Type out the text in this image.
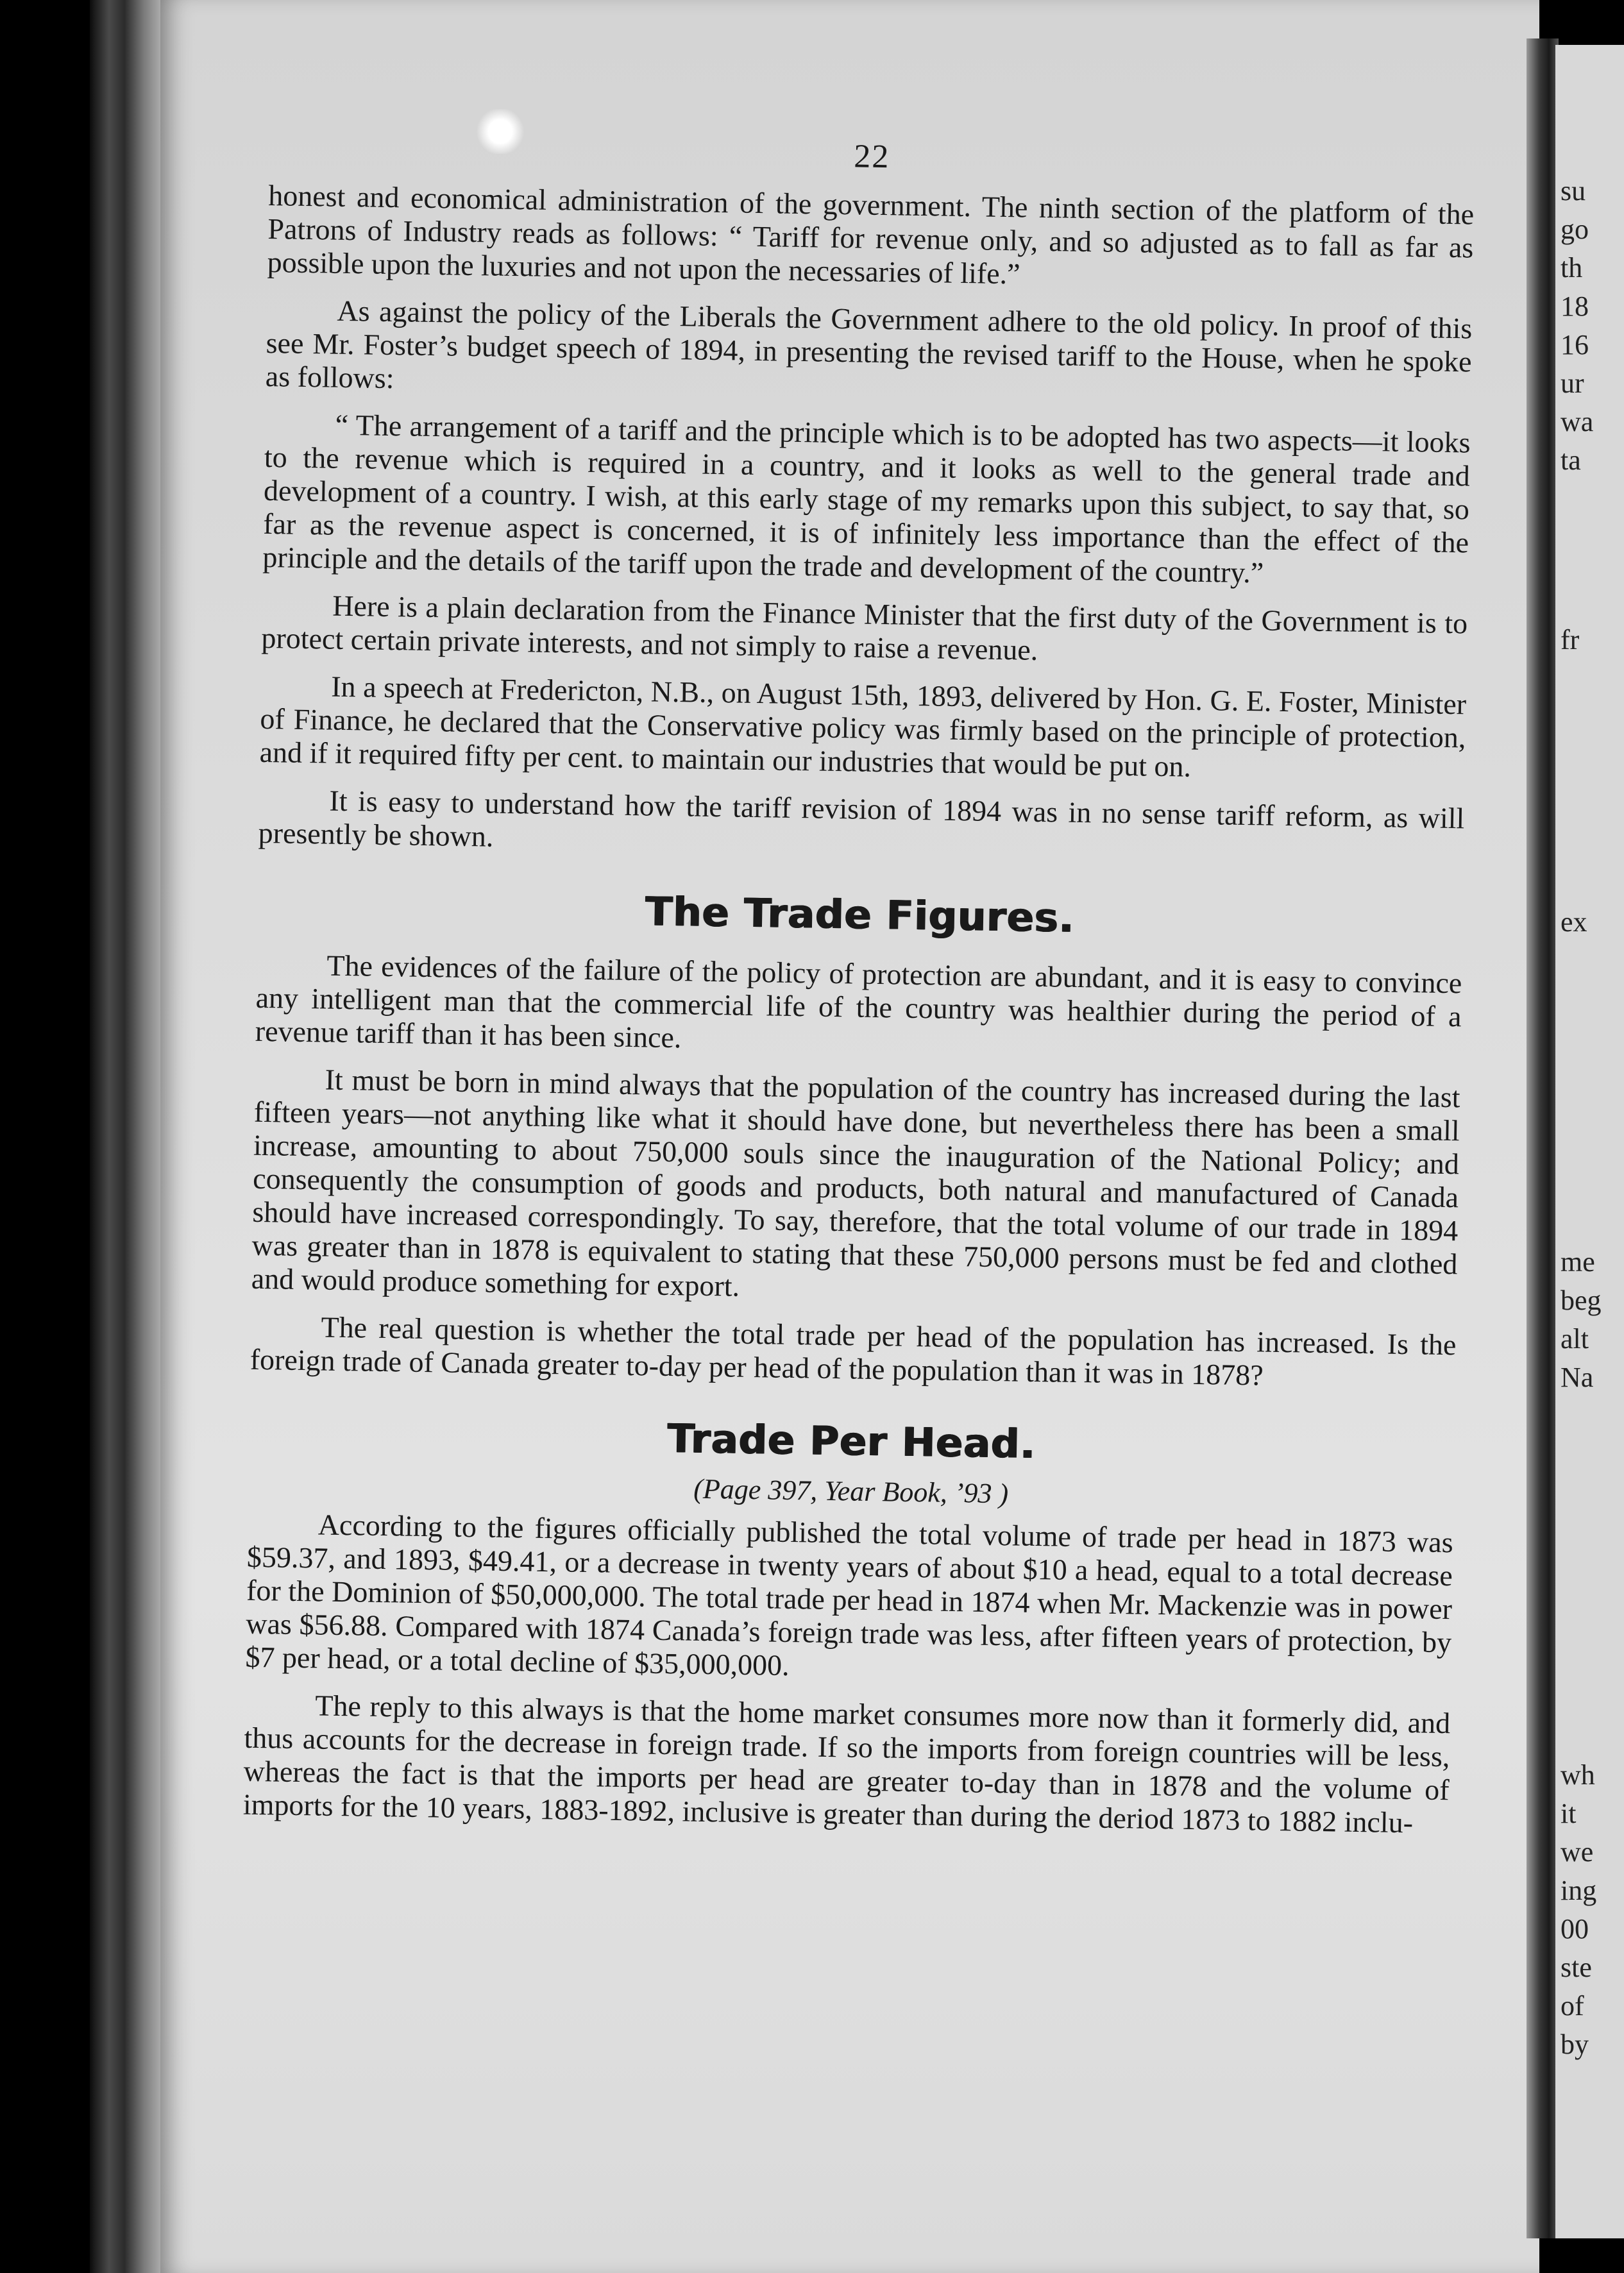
su
go
th
18
16
ur
wa
ta
fr
ex
me
beg
alt
Na
wh
it
we
ing
00
ste
of
by
22

honest and economical administration of the government. The ninth section of the platform of the Patrons of Industry reads as follows: “ Tariff for revenue only, and so adjusted as to fall as far as possible upon the luxuries and not upon the necessaries of life.”

As against the policy of the Liberals the Government adhere to the old policy. In proof of this see Mr. Foster’s budget speech of 1894, in presenting the revised tariff to the House, when he spoke as follows:

“ The arrangement of a tariff and the principle which is to be adopted has two aspects—it looks to the revenue which is required in a country, and it looks as well to the general trade and development of a country. I wish, at this early stage of my remarks upon this subject, to say that, so far as the revenue aspect is concerned, it is of infinitely less importance than the effect of the principle and the details of the tariff upon the trade and development of the country.”

Here is a plain declaration from the Finance Minister that the first duty of the Government is to protect certain private interests, and not simply to raise a revenue.

In a speech at Fredericton, N.B., on August 15th, 1893, delivered by Hon. G. E. Foster, Minister of Finance, he declared that the Conservative policy was firmly based on the principle of protection, and if it required fifty per cent. to maintain our industries that would be put on.

It is easy to understand how the tariff revision of 1894 was in no sense tariff reform, as will presently be shown.

The Trade Figures.

The evidences of the failure of the policy of protection are abundant, and it is easy to convince any intelligent man that the commercial life of the country was healthier during the period of a revenue tariff than it has been since.

It must be born in mind always that the population of the country has increased during the last fifteen years—not anything like what it should have done, but nevertheless there has been a small increase, amounting to about 750,000 souls since the inauguration of the National Policy; and consequently the consumption of goods and products, both natural and manufactured of Canada should have increased correspondingly. To say, therefore, that the total volume of our trade in 1894 was greater than in 1878 is equivalent to stating that these 750,000 persons must be fed and clothed and would produce something for export.

The real question is whether the total trade per head of the population has increased. Is the foreign trade of Canada greater to-day per head of the population than it was in 1878?

Trade Per Head.
(Page 397, Year Book, ’93 )

According to the figures officially published the total volume of trade per head in 1873 was $59.37, and 1893, $49.41, or a decrease in twenty years of about $10 a head, equal to a total decrease for the Dominion of $50,000,000. The total trade per head in 1874 when Mr. Mackenzie was in power was $56.88. Compared with 1874 Canada’s foreign trade was less, after fifteen years of protection, by $7 per head, or a total decline of $35,000,000.

The reply to this always is that the home market consumes more now than it formerly did, and thus accounts for the decrease in foreign trade. If so the imports from foreign countries will be less, whereas the fact is that the imports per head are greater to-day than in 1878 and the volume of imports for the 10 years, 1883-1892, inclusive is greater than during the deriod 1873 to 1882 inclu-
